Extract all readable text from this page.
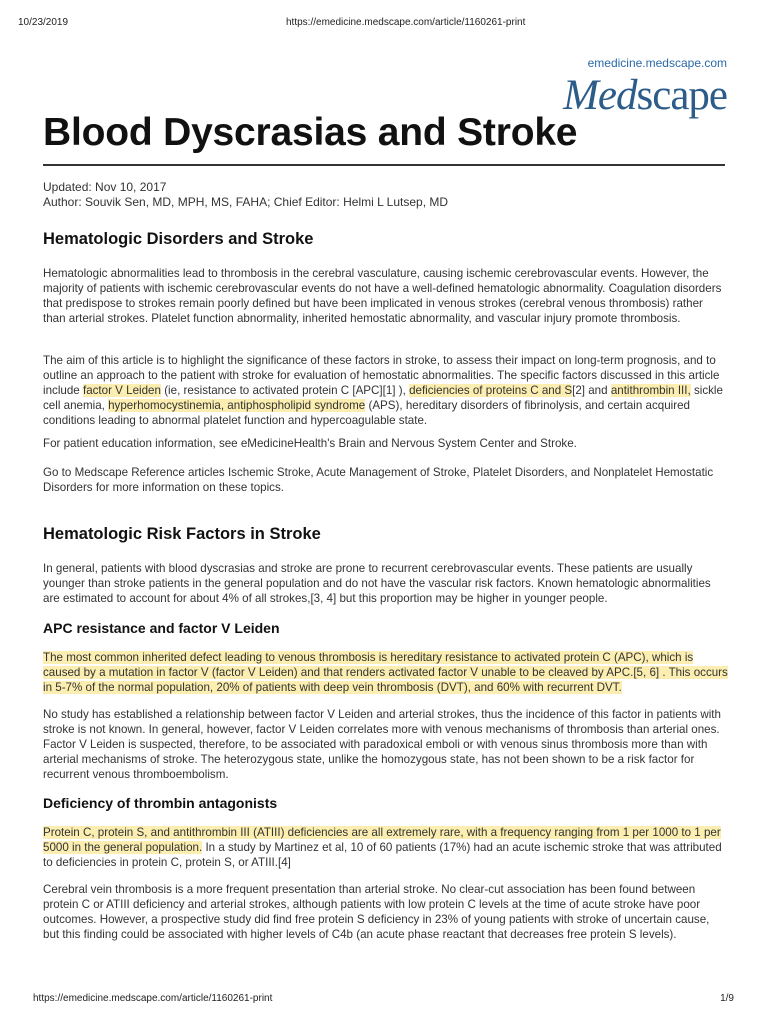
10/23/2019	https://emedicine.medscape.com/article/1160261-print
emedicine.medscape.com
Medscape
Blood Dyscrasias and Stroke
Updated: Nov 10, 2017
Author: Souvik Sen, MD, MPH, MS, FAHA; Chief Editor: Helmi L Lutsep, MD
Hematologic Disorders and Stroke

Hematologic abnormalities lead to thrombosis in the cerebral vasculature, causing ischemic cerebrovascular events. However, the majority of patients with ischemic cerebrovascular events do not have a well-defined hematologic abnormality. Coagulation disorders that predispose to strokes remain poorly defined but have been implicated in venous strokes (cerebral venous thrombosis) rather than arterial strokes. Platelet function abnormality, inherited hemostatic abnormality, and vascular injury promote thrombosis.

The aim of this article is to highlight the significance of these factors in stroke, to assess their impact on long-term prognosis, and to outline an approach to the patient with stroke for evaluation of hemostatic abnormalities. The specific factors discussed in this article include factor V Leiden (ie, resistance to activated protein C [APC][1] ), deficiencies of proteins C and S[2] and antithrombin III, sickle cell anemia, hyperhomocystinemia, antiphospholipid syndrome (APS), hereditary disorders of fibrinolysis, and certain acquired conditions leading to abnormal platelet function and hypercoagulable state.

For patient education information, see eMedicineHealth's Brain and Nervous System Center and Stroke.

Go to Medscape Reference articles Ischemic Stroke, Acute Management of Stroke, Platelet Disorders, and Nonplatelet Hemostatic Disorders for more information on these topics.

Hematologic Risk Factors in Stroke

In general, patients with blood dyscrasias and stroke are prone to recurrent cerebrovascular events. These patients are usually younger than stroke patients in the general population and do not have the vascular risk factors. Known hematologic abnormalities are estimated to account for about 4% of all strokes,[3, 4] but this proportion may be higher in younger people.

APC resistance and factor V Leiden

The most common inherited defect leading to venous thrombosis is hereditary resistance to activated protein C (APC), which is caused by a mutation in factor V (factor V Leiden) and that renders activated factor V unable to be cleaved by APC.[5, 6] . This occurs in 5-7% of the normal population, 20% of patients with deep vein thrombosis (DVT), and 60% with recurrent DVT.

No study has established a relationship between factor V Leiden and arterial strokes, thus the incidence of this factor in patients with stroke is not known. In general, however, factor V Leiden correlates more with venous mechanisms of thrombosis than arterial ones. Factor V Leiden is suspected, therefore, to be associated with paradoxical emboli or with venous sinus thrombosis more than with arterial mechanisms of stroke. The heterozygous state, unlike the homozygous state, has not been shown to be a risk factor for recurrent venous thromboembolism.

Deficiency of thrombin antagonists

Protein C, protein S, and antithrombin III (ATIII) deficiencies are all extremely rare, with a frequency ranging from 1 per 1000 to 1 per 5000 in the general population. In a study by Martinez et al, 10 of 60 patients (17%) had an acute ischemic stroke that was attributed to deficiencies in protein C, protein S, or ATIII.[4]

Cerebral vein thrombosis is a more frequent presentation than arterial stroke. No clear-cut association has been found between protein C or ATIII deficiency and arterial strokes, although patients with low protein C levels at the time of acute stroke have poor outcomes. However, a prospective study did find free protein S deficiency in 23% of young patients with stroke of uncertain cause, but this finding could be associated with higher levels of C4b (an acute phase reactant that decreases free protein S levels).

https://emedicine.medscape.com/article/1160261-print	1/9
